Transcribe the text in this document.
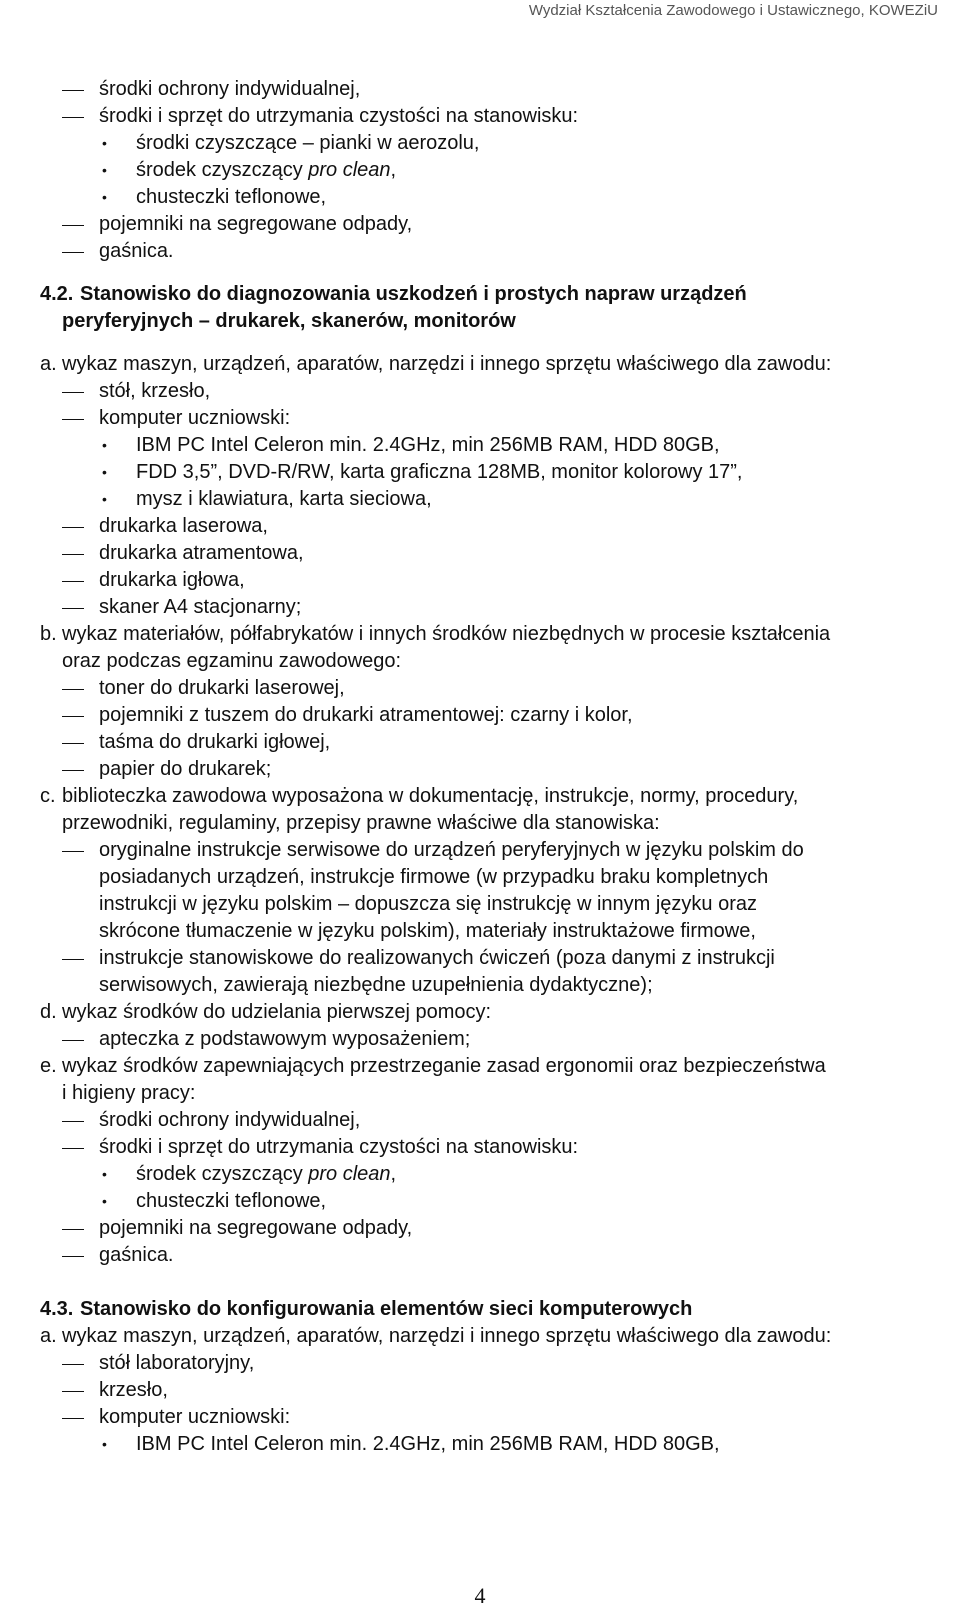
Wydział Kształcenia Zawodowego i Ustawicznego, KOWEZiU
środki ochrony indywidualnej,
środki i sprzęt do utrzymania czystości na stanowisku:
• środki czyszczące – pianki w aerozolu,
• środek czyszczący pro clean,
• chusteczki teflonowe,
pojemniki na segregowane odpady,
gaśnica.
4.2. Stanowisko do diagnozowania uszkodzeń i prostych napraw urządzeń
peryferyjnych – drukarek, skanerów, monitorów
a. wykaz maszyn, urządzeń, aparatów, narzędzi i innego sprzętu właściwego dla zawodu:
stół, krzesło,
komputer uczniowski:
• IBM PC Intel Celeron min. 2.4GHz, min 256MB RAM, HDD 80GB,
• FDD 3,5”, DVD-R/RW, karta graficzna 128MB, monitor kolorowy 17”,
• mysz i klawiatura, karta sieciowa,
drukarka laserowa,
drukarka atramentowa,
drukarka igłowa,
skaner A4 stacjonarny;
b. wykaz materiałów, półfabrykatów i innych środków niezbędnych w procesie kształcenia
oraz podczas egzaminu zawodowego:
toner do drukarki laserowej,
pojemniki z tuszem do drukarki atramentowej: czarny i kolor,
taśma do drukarki igłowej,
papier do drukarek;
c. biblioteczka zawodowa wyposażona w dokumentację, instrukcje, normy, procedury,
przewodniki, regulaminy, przepisy prawne właściwe dla stanowiska:
oryginalne instrukcje serwisowe do urządzeń peryferyjnych w języku polskim do
posiadanych urządzeń, instrukcje firmowe (w przypadku braku kompletnych
instrukcji w języku polskim – dopuszcza się instrukcję w innym języku oraz
skrócone tłumaczenie w języku polskim), materiały instruktażowe firmowe,
instrukcje stanowiskowe do realizowanych ćwiczeń (poza danymi z instrukcji
serwisowych, zawierają niezbędne uzupełnienia dydaktyczne);
d. wykaz środków do udzielania pierwszej pomocy:
apteczka z podstawowym wyposażeniem;
e. wykaz środków zapewniających przestrzeganie zasad ergonomii oraz bezpieczeństwa
i higieny pracy:
środki ochrony indywidualnej,
środki i sprzęt do utrzymania czystości na stanowisku:
• środek czyszczący pro clean,
• chusteczki teflonowe,
pojemniki na segregowane odpady,
gaśnica.
4.3. Stanowisko do konfigurowania elementów sieci komputerowych
a. wykaz maszyn, urządzeń, aparatów, narzędzi i innego sprzętu właściwego dla zawodu:
stół laboratoryjny,
krzesło,
komputer uczniowski:
• IBM PC Intel Celeron min. 2.4GHz, min 256MB RAM, HDD 80GB,
4
